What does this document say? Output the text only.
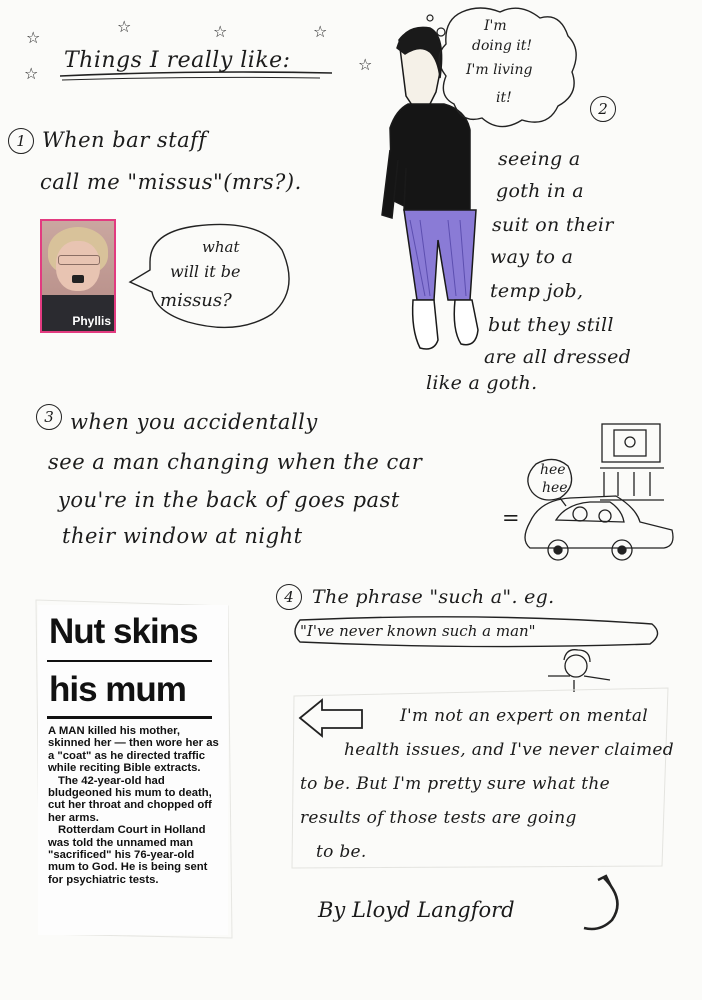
☆
☆	☆	☆
☆	☆
Things I really like:
I'm
doing it!
I'm living
it!
1 When bar staff
call me "missus"(mrs?).
Phyllis
what
will it be
missus?
2
seeing a
goth in a
suit on their
way to a
temp job,
but they still
are all dressed
like a goth.
3 when you accidentally
see a man changing when the car
you're in the back of goes past
their window at night
=
hee
hee
4 The phrase "such a". eg.
"I've never known such a man"
Nut skins
his mum

A MAN killed his mother, skinned her — then wore her as a "coat" as he directed traffic while reciting Bible extracts.

The 42-year-old had bludgeoned his mum to death, cut her throat and chopped off her arms.

Rotterdam Court in Holland was told the unnamed man "sacrificed" his 76-year-old mum to God. He is being sent for psychiatric tests.

I'm not an expert on mental
health issues, and I've never claimed
to be. But I'm pretty sure what the
results of those tests are going
to be.
By Lloyd Langford
